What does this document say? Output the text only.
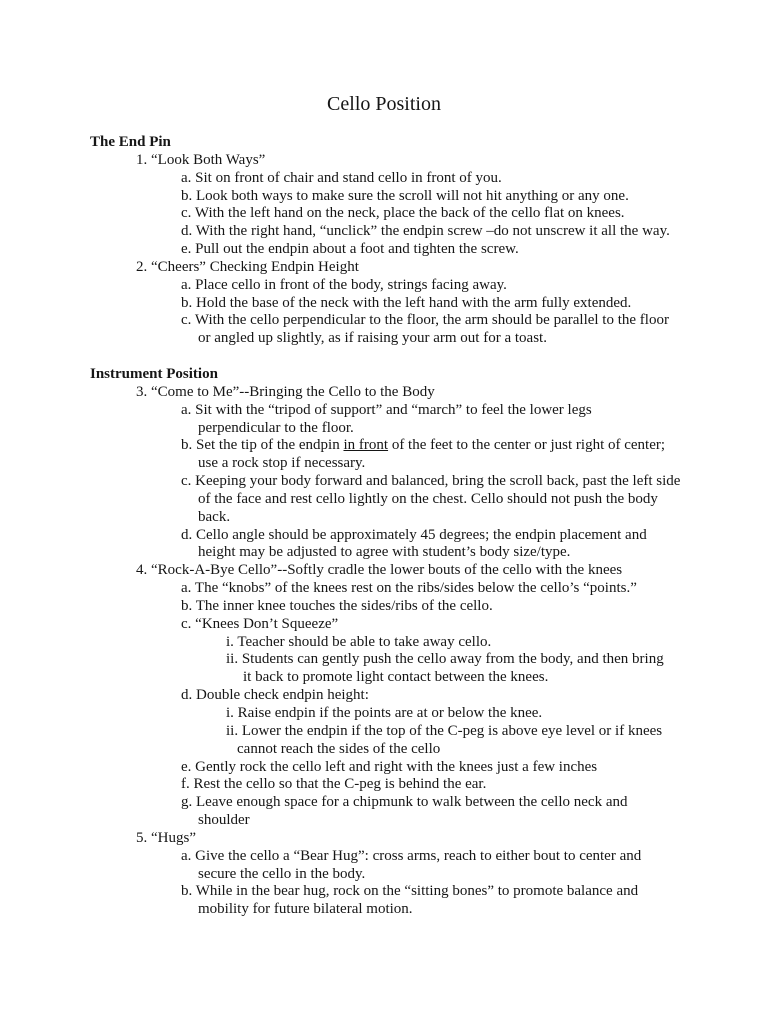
Cello Position
The End Pin
1. “Look Both Ways”
a. Sit on front of chair and stand cello in front of you.
b. Look both ways to make sure the scroll will not hit anything or any one.
c. With the left hand on the neck, place the back of the cello flat on knees.
d. With the right hand, “unclick” the endpin screw –do not unscrew it all the way.
e. Pull out the endpin about a foot and tighten the screw.
2. “Cheers” Checking Endpin Height
a. Place cello in front of the body, strings facing away.
b. Hold the base of the neck with the left hand with the arm fully extended.
c. With the cello perpendicular to the floor, the arm should be parallel to the floor
or angled up slightly, as if raising your arm out for a toast.
Instrument Position
3. “Come to Me”--Bringing the Cello to the Body
a. Sit with the “tripod of support” and “march” to feel the lower legs
perpendicular to the floor.
b. Set the tip of the endpin in front of the feet to the center or just right of center;
use a rock stop if necessary.
c. Keeping your body forward and balanced, bring the scroll back, past the left side
of the face and rest cello lightly on the chest. Cello should not push the body
back.
d. Cello angle should be approximately 45 degrees; the endpin placement and
height may be adjusted to agree with student’s body size/type.
4. “Rock-A-Bye Cello”--Softly cradle the lower bouts of the cello with the knees
a. The “knobs” of the knees rest on the ribs/sides below the cello’s “points.”
b. The inner knee touches the sides/ribs of the cello.
c. “Knees Don’t Squeeze”
i. Teacher should be able to take away cello.
ii. Students can gently push the cello away from the body, and then bring
it back to promote light contact between the knees.
d. Double check endpin height:
i. Raise endpin if the points are at or below the knee.
ii. Lower the endpin if the top of the C-peg is above eye level or if knees
cannot reach the sides of the cello
e. Gently rock the cello left and right with the knees just a few inches
f. Rest the cello so that the C-peg is behind the ear.
g. Leave enough space for a chipmunk to walk between the cello neck and
shoulder
5. “Hugs”
a. Give the cello a “Bear Hug”: cross arms, reach to either bout to center and
secure the cello in the body.
b. While in the bear hug, rock on the “sitting bones” to promote balance and
mobility for future bilateral motion.
